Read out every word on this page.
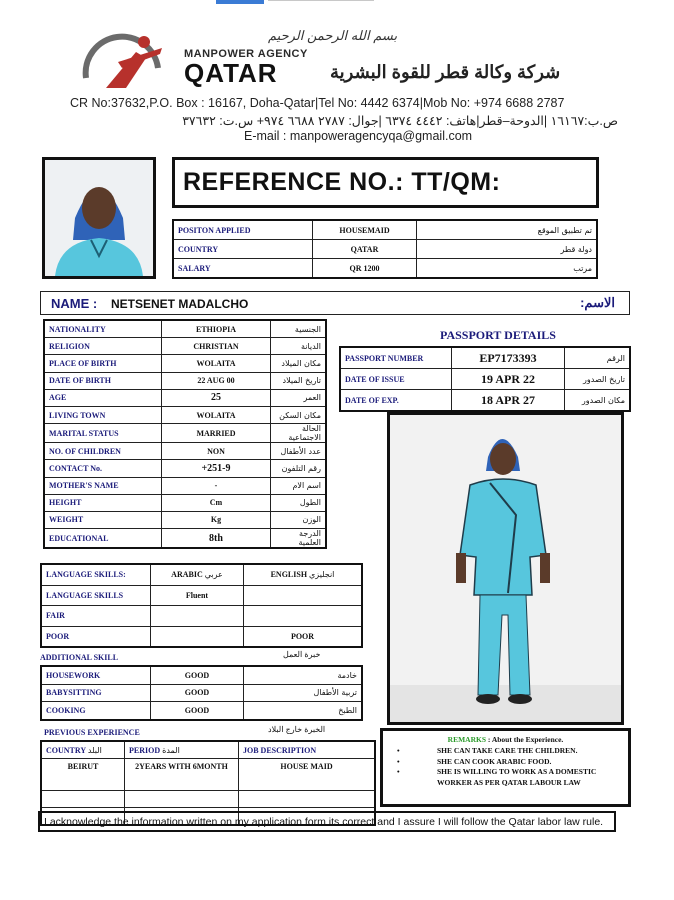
بسم الله الرحمن الرحيم
MANPOWER AGENCY
QATAR	شركة وكالة قطر للقوة البشرية
CR No:37632,P.O. Box : 16167, Doha-Qatar|Tel No: 4442 6374|Mob No: +974 6688 2787
ص.ب:١٦١٦٧ |الدوحة–قطر|هاتف: ٤٤٤٢ ٦٣٧٤ |جوال: ٢٧٨٧ ٦٦٨٨ ٩٧٤+ س.ت: ٣٧٦٣٢
E-mail : manpoweragencyqa@gmail.com
REFERENCE NO.: TT/QM:
POSITON APPLIED	HOUSEMAID	تم تطبيق الموقع
COUNTRY	QATAR	دولة قطر
SALARY	QR 1200	مرتب
NAME : NETSENET MADALCHO	الاسم:
NATIONALITY	ETHIOPIA	الجنسية
RELIGION	CHRISTIAN	الديانة
PLACE OF BIRTH	WOLAITA	مكان الميلاد
DATE OF BIRTH	22 AUG 00	تاريخ الميلاد
AGE	25	العمر
LIVING TOWN	WOLAITA	مكان السكن
MARITAL STATUS	MARRIED	الحالة الاجتماعية
NO. OF CHILDREN	NON	عدد الأطفال
CONTACT No.	+251-9	رقم التلفون
MOTHER'S NAME	-	اسم الام
HEIGHT	Cm	الطول
WEIGHT	Kg	الوزن
EDUCATIONAL	8th	الدرجة العلمية
PASSPORT DETAILS
PASSPORT NUMBER	EP7173393	الرقم
DATE OF ISSUE	19 APR 22	تاريخ الصدور
DATE OF EXP.	18 APR 27	مكان الصدور
LANGUAGE SKILLS:	ARABIC عربي	ENGLISH انجليزي
LANGUAGE SKILLS	Fluent	
FAIR		
POOR		POOR
ADDITIONAL SKILL	خبرة العمل
HOUSEWORK	GOOD	خادمة
BABYSITTING	GOOD	تربية الأطفال
COOKING	GOOD	الطبخ
PREVIOUS EXPERIENCE	الخبرة خارج البلاد
COUNTRY البلد	PERIOD المدة	JOB DESCRIPTION
BEIRUT	2YEARS WITH 6MONTH	HOUSE MAID

REMARKS : About the Experience.
• SHE CAN TAKE CARE THE CHILDREN.
• SHE CAN COOK ARABIC FOOD.
• SHE IS WILLING TO WORK AS A DOMESTIC WORKER AS PER QATAR LABOUR LAW
I acknowledge the information written on my application form its correct and I assure I will follow the Qatar labor law rule.
